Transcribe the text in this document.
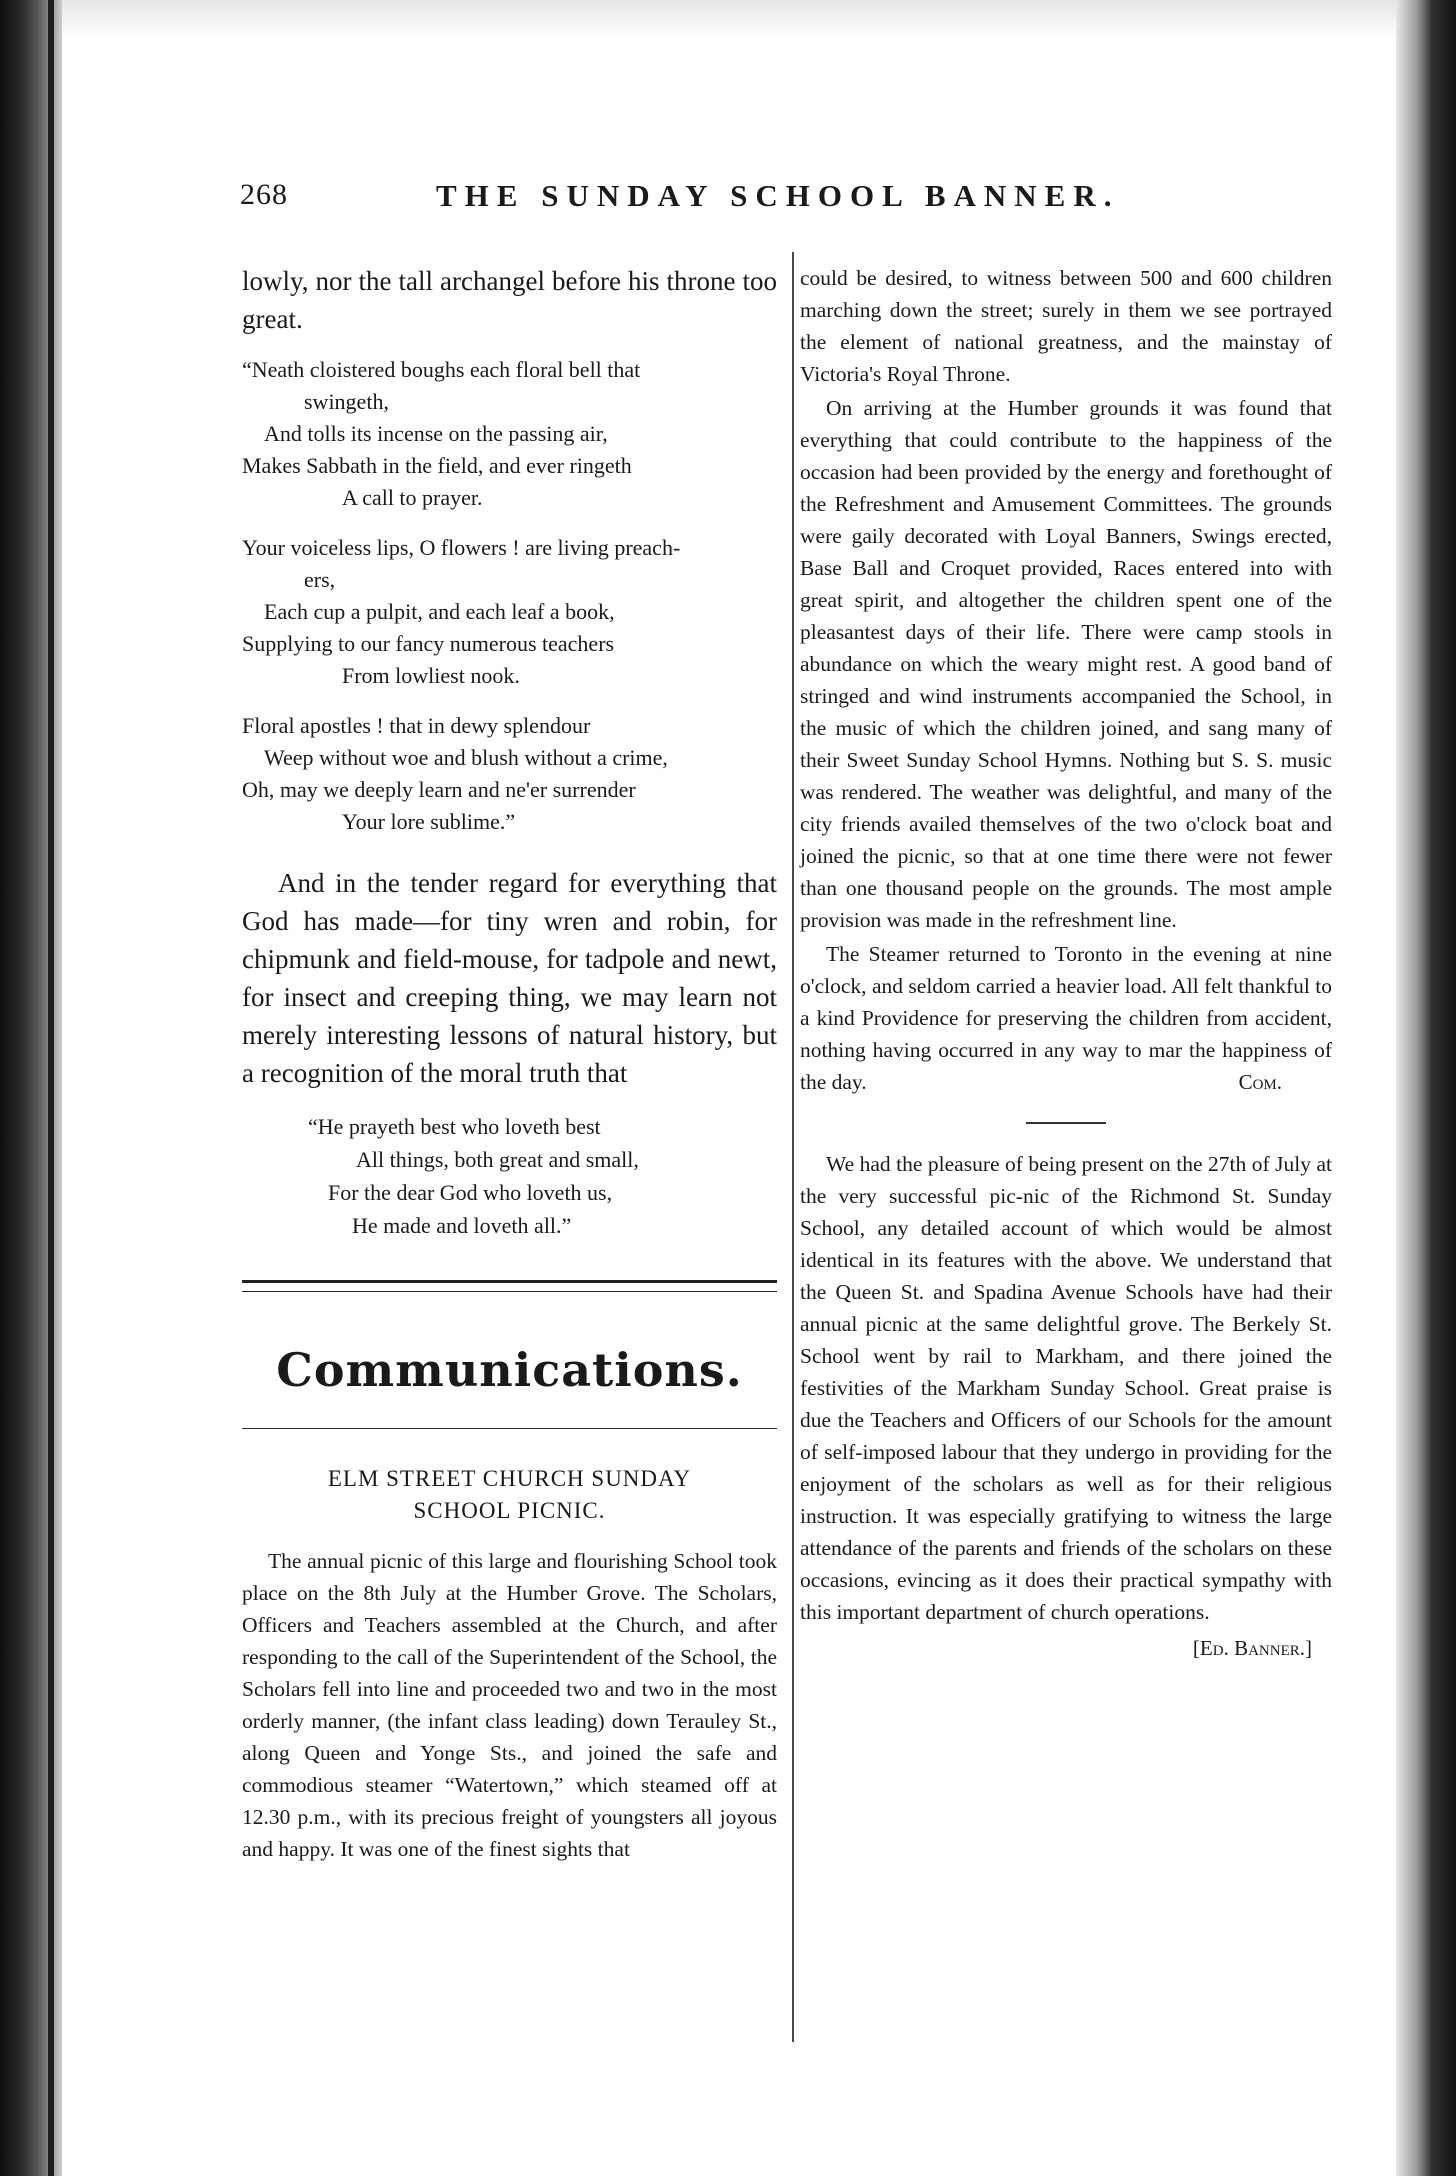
268	THE SUNDAY SCHOOL BANNER.

lowly, nor the tall archangel before his throne too great.

“Neath cloistered boughs each floral bell that
swingeth,
And tolls its incense on the passing air,
Makes Sabbath in the field, and ever ringeth
A call to prayer.
Your voiceless lips, O flowers ! are living preach-
ers,
Each cup a pulpit, and each leaf a book,
Supplying to our fancy numerous teachers
From lowliest nook.
Floral apostles ! that in dewy splendour
Weep without woe and blush without a crime,
Oh, may we deeply learn and ne'er surrender
Your lore sublime.”

And in the tender regard for everything that God has made—for tiny wren and robin, for chipmunk and field-mouse, for tadpole and newt, for insect and creeping thing, we may learn not merely interesting lessons of natural history, but a recognition of the moral truth that

“He prayeth best who loveth best
All things, both great and small,
For the dear God who loveth us,
He made and loveth all.”
Communications.
ELM STREET CHURCH SUNDAY
SCHOOL PICNIC.

The annual picnic of this large and flourishing School took place on the 8th July at the Humber Grove. The Scholars, Officers and Teachers assembled at the Church, and after responding to the call of the Superintendent of the School, the Scholars fell into line and proceeded two and two in the most orderly manner, (the infant class leading) down Terauley St., along Queen and Yonge Sts., and joined the safe and commodious steamer “Watertown,” which steamed off at 12.30 p.m., with its precious freight of youngsters all joyous and happy. It was one of the finest sights that

could be desired, to witness between 500 and 600 children marching down the street; surely in them we see portrayed the element of national greatness, and the mainstay of Victoria's Royal Throne.

On arriving at the Humber grounds it was found that everything that could contribute to the happiness of the occasion had been provided by the energy and forethought of the Refreshment and Amusement Committees. The grounds were gaily decorated with Loyal Banners, Swings erected, Base Ball and Croquet provided, Races entered into with great spirit, and altogether the children spent one of the pleasantest days of their life. There were camp stools in abundance on which the weary might rest. A good band of stringed and wind instruments accompanied the School, in the music of which the children joined, and sang many of their Sweet Sunday School Hymns. Nothing but S. S. music was rendered. The weather was delightful, and many of the city friends availed themselves of the two o'clock boat and joined the picnic, so that at one time there were not fewer than one thousand people on the grounds. The most ample provision was made in the refreshment line.

The Steamer returned to Toronto in the evening at nine o'clock, and seldom carried a heavier load. All felt thankful to a kind Providence for preserving the children from accident, nothing having occurred in any way to mar the happiness of the day.	Com.

We had the pleasure of being present on the 27th of July at the very successful pic-nic of the Richmond St. Sunday School, any detailed account of which would be almost identical in its features with the above. We understand that the Queen St. and Spadina Avenue Schools have had their annual picnic at the same delightful grove. The Berkely St. School went by rail to Markham, and there joined the festivities of the Markham Sunday School. Great praise is due the Teachers and Officers of our Schools for the amount of self-imposed labour that they undergo in providing for the enjoyment of the scholars as well as for their religious instruction. It was especially gratifying to witness the large attendance of the parents and friends of the scholars on these occasions, evincing as it does their practical sympathy with this important department of church operations.

[Ed. Banner.]
